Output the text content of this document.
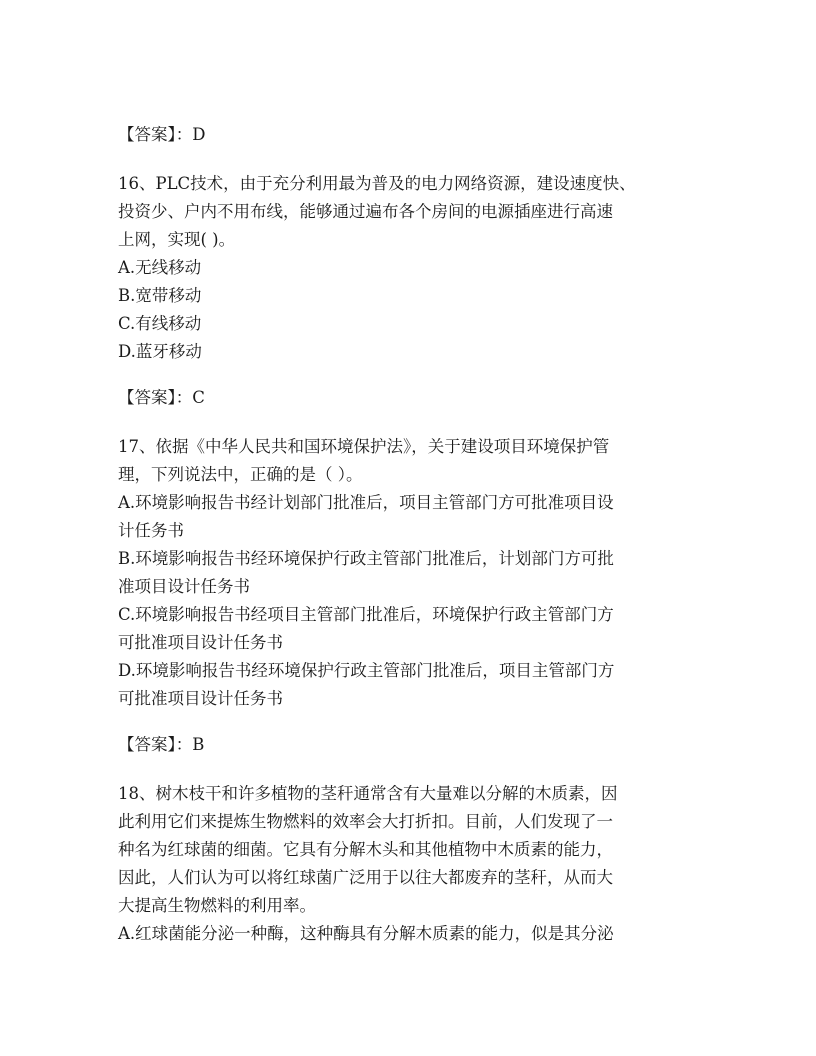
【答案】：D
16、PLC技术，由于充分利用最为普及的电力网络资源，建设速度快、
投资少、户内不用布线，能够通过遍布各个房间的电源插座进行高速
上网，实现( )。
A.无线移动
B.宽带移动
C.有线移动
D.蓝牙移动
【答案】：C
17、依据《中华人民共和国环境保护法》，关于建设项目环境保护管
理，下列说法中，正确的是（ ）。
A.环境影响报告书经计划部门批准后，项目主管部门方可批准项目设
计任务书
B.环境影响报告书经环境保护行政主管部门批准后，计划部门方可批
准项目设计任务书
C.环境影响报告书经项目主管部门批准后，环境保护行政主管部门方
可批准项目设计任务书
D.环境影响报告书经环境保护行政主管部门批准后，项目主管部门方
可批准项目设计任务书
【答案】：B
18、树木枝干和许多植物的茎秆通常含有大量难以分解的木质素，因
此利用它们来提炼生物燃料的效率会大打折扣。目前，人们发现了一
种名为红球菌的细菌。它具有分解木头和其他植物中木质素的能力，
因此，人们认为可以将红球菌广泛用于以往大都废弃的茎秆，从而大
大提高生物燃料的利用率。
A.红球菌能分泌一种酶，这种酶具有分解木质素的能力，似是其分泌
